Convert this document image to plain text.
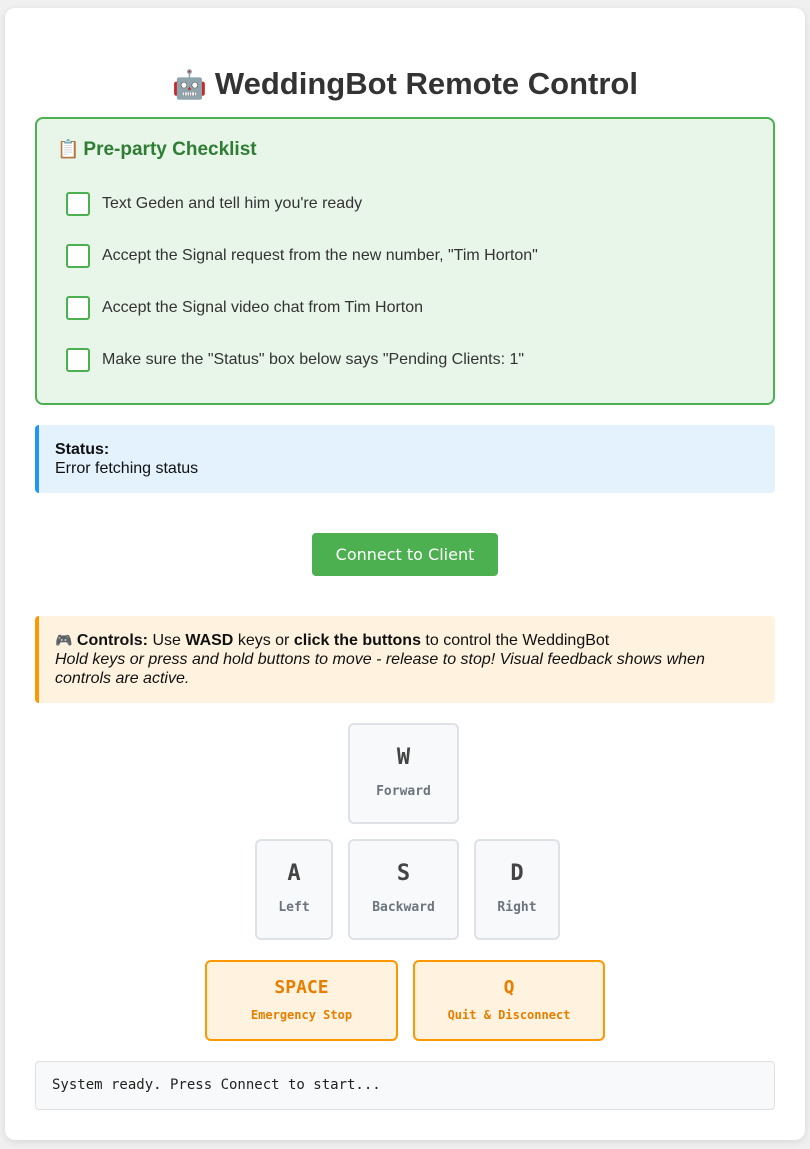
🤖 WeddingBot Remote Control
📋 Pre-party Checklist
Text Geden and tell him you're ready
Accept the Signal request from the new number, "Tim Horton"
Accept the Signal video chat from Tim Horton
Make sure the "Status" box below says "Pending Clients: 1"
Status:
Error fetching status
Connect to Client
🎮 Controls: Use WASD keys or click the buttons to control the WeddingBot
Hold keys or press and hold buttons to move - release to stop! Visual feedback shows when controls are active.
W
Forward
A
Left
S
Backward
D
Right
SPACE
Emergency Stop
Q
Quit & Disconnect
System ready. Press Connect to start...
